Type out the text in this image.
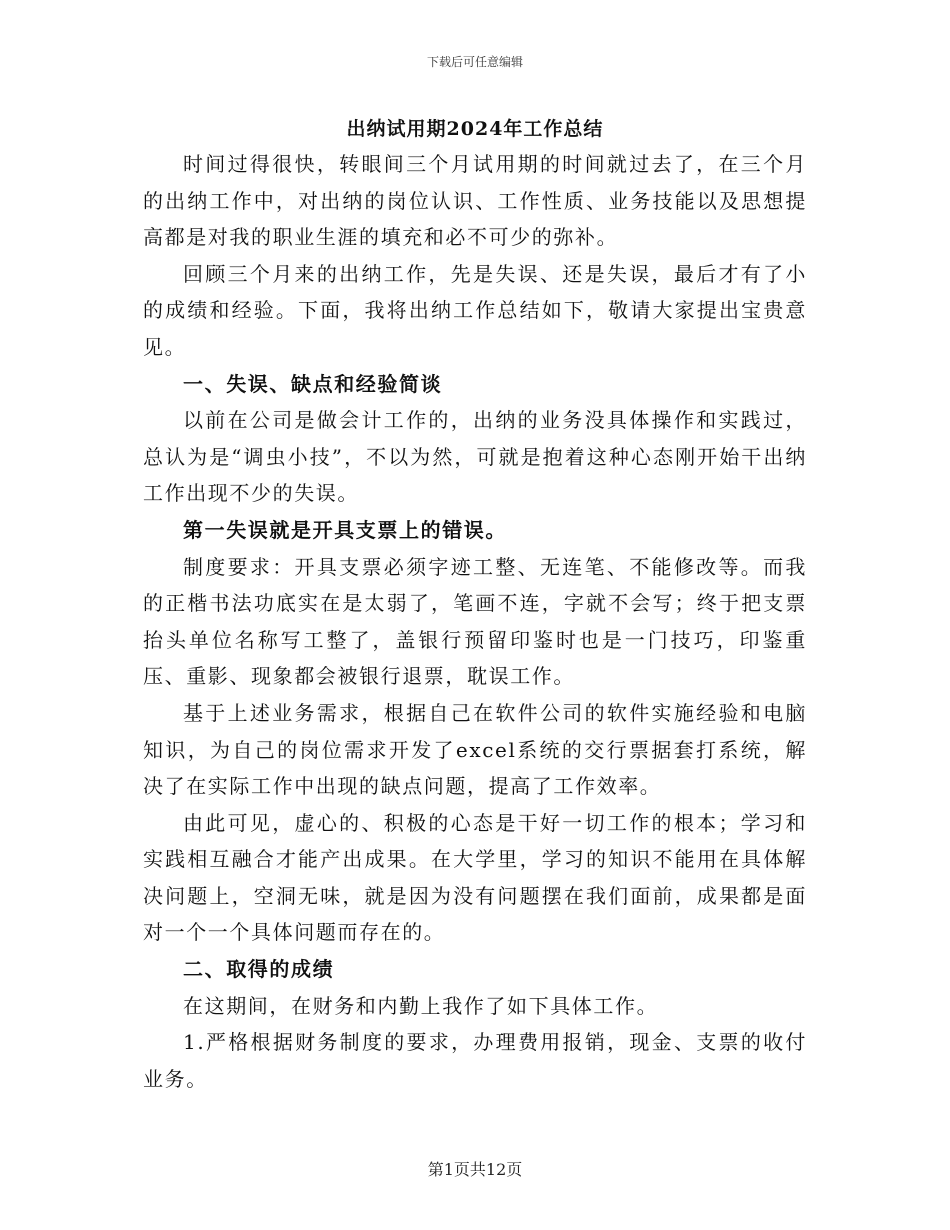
下载后可任意编辑
出纳试用期2024年工作总结

时间过得很快，转眼间三个月试用期的时间就过去了，在三个月的出纳工作中，对出纳的岗位认识、工作性质、业务技能以及思想提高都是对我的职业生涯的填充和必不可少的弥补。

回顾三个月来的出纳工作，先是失误、还是失误，最后才有了小的成绩和经验。下面，我将出纳工作总结如下，敬请大家提出宝贵意见。

一、失误、缺点和经验简谈

以前在公司是做会计工作的，出纳的业务没具体操作和实践过，总认为是“调虫小技”，不以为然，可就是抱着这种心态刚开始干出纳工作出现不少的失误。

第一失误就是开具支票上的错误。

制度要求：开具支票必须字迹工整、无连笔、不能修改等。而我的正楷书法功底实在是太弱了，笔画不连，字就不会写；终于把支票抬头单位名称写工整了，盖银行预留印鉴时也是一门技巧，印鉴重压、重影、现象都会被银行退票，耽误工作。

基于上述业务需求，根据自己在软件公司的软件实施经验和电脑知识，为自己的岗位需求开发了excel系统的交行票据套打系统，解决了在实际工作中出现的缺点问题，提高了工作效率。

由此可见，虚心的、积极的心态是干好一切工作的根本；学习和实践相互融合才能产出成果。在大学里，学习的知识不能用在具体解决问题上，空洞无味，就是因为没有问题摆在我们面前，成果都是面对一个一个具体问题而存在的。

二、取得的成绩

在这期间，在财务和内勤上我作了如下具体工作。

1.严格根据财务制度的要求，办理费用报销，现金、支票的收付业务。

第1页共12页
